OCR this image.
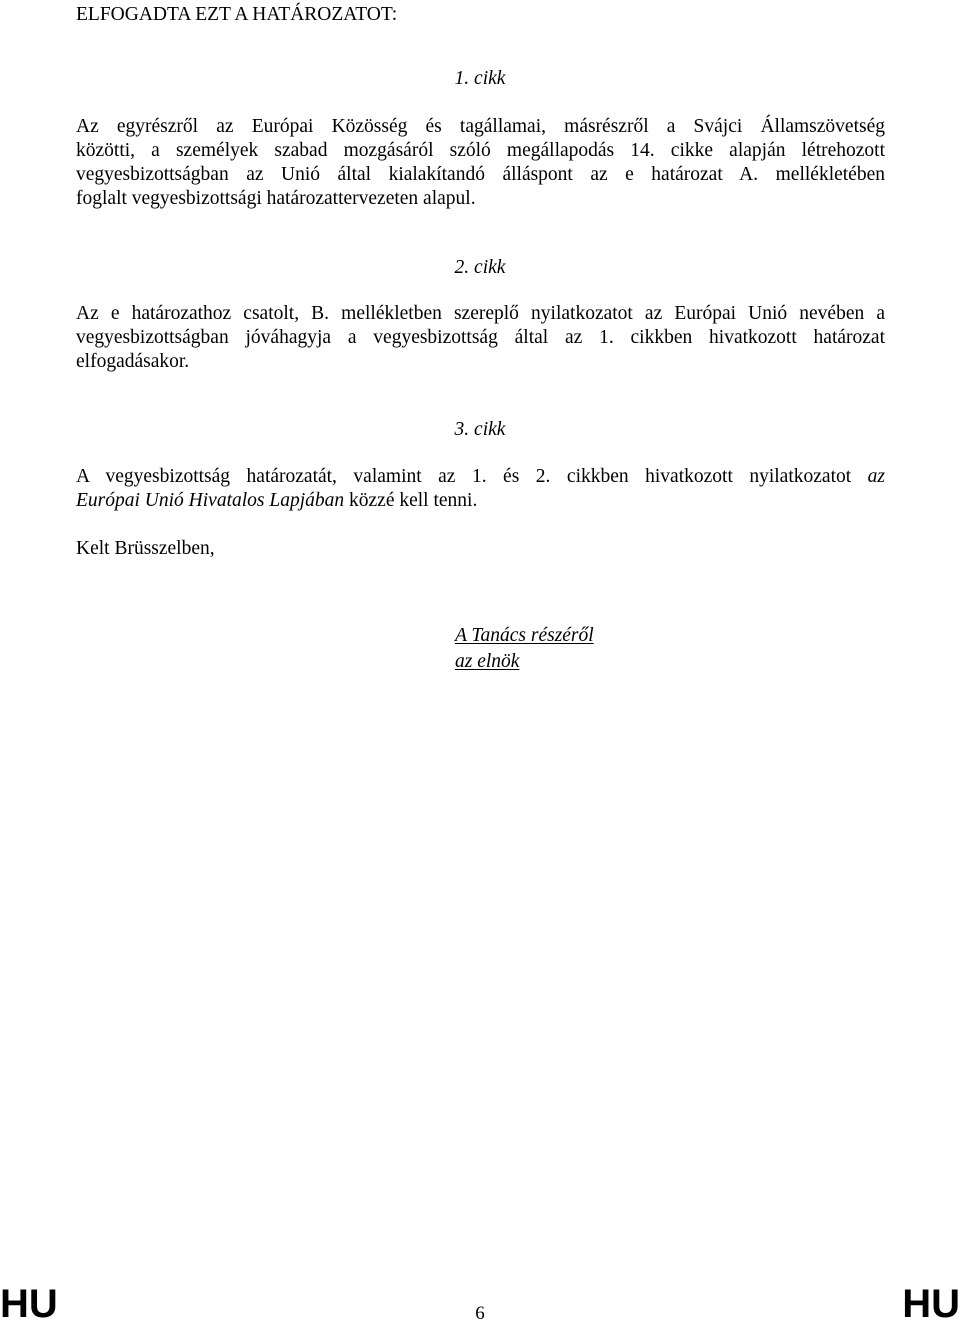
ELFOGADTA EZT A HATÁROZATOT:
1. cikk
Az egyrészről az Európai Közösség és tagállamai, másrészről a Svájci Államszövetség
közötti, a személyek szabad mozgásáról szóló megállapodás 14. cikke alapján létrehozott
vegyesbizottságban az Unió által kialakítandó álláspont az e határozat A. mellékletében
foglalt vegyesbizottsági határozattervezeten alapul.
2. cikk
Az e határozathoz csatolt, B. mellékletben szereplő nyilatkozatot az Európai Unió nevében a
vegyesbizottságban jóváhagyja a vegyesbizottság által az 1. cikkben hivatkozott határozat
elfogadásakor.
3. cikk
A vegyesbizottság határozatát, valamint az 1. és 2. cikkben hivatkozott nyilatkozatot az
Európai Unió Hivatalos Lapjában közzé kell tenni.
Kelt Brüsszelben,
A Tanács részéről
az elnök
HU	6	HU
